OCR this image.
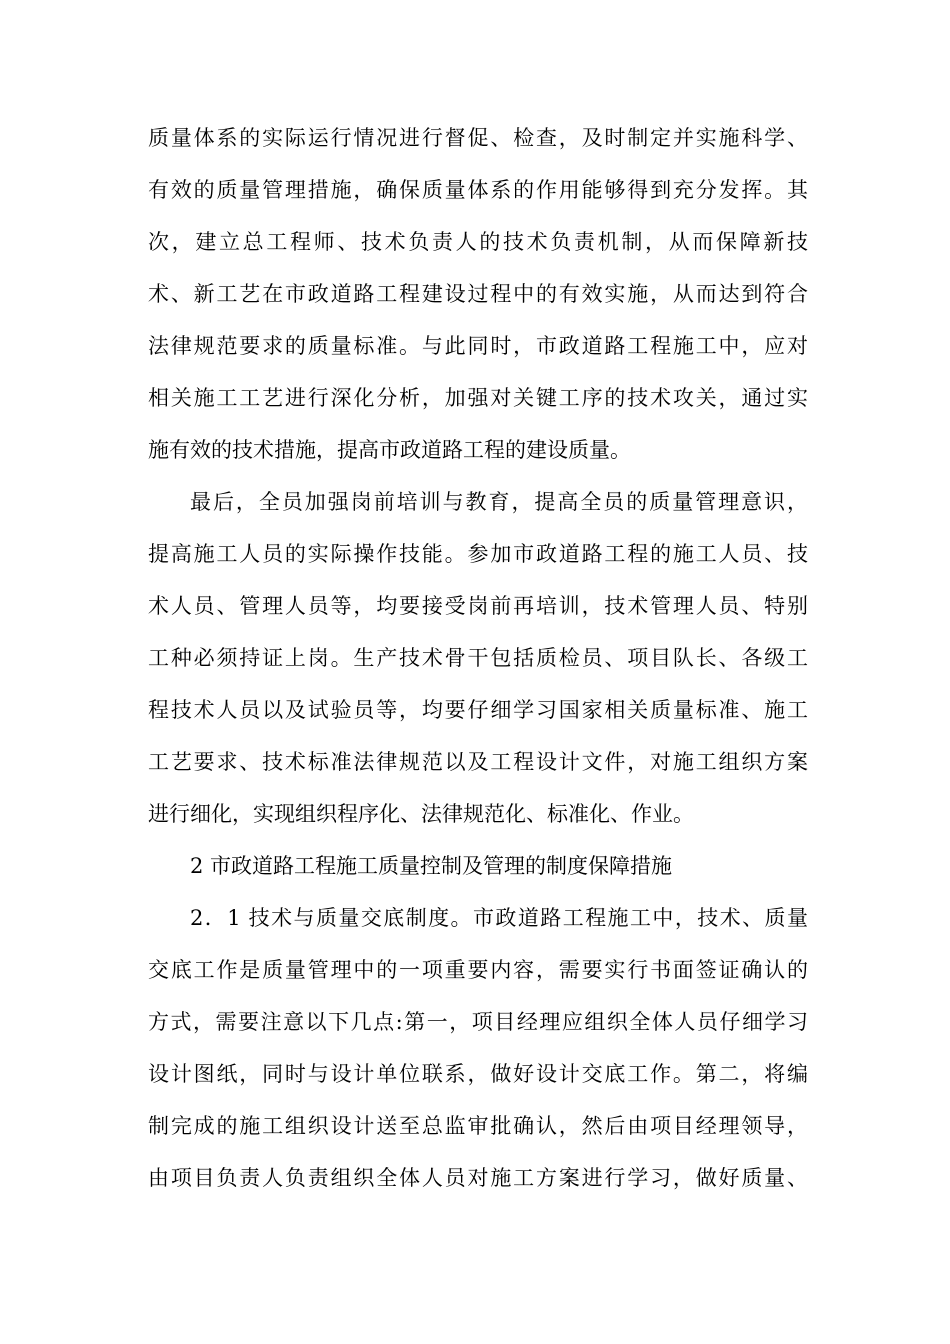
质量体系的实际运行情况进行督促、检查，及时制定并实施科学、
有效的质量管理措施，确保质量体系的作用能够得到充分发挥。其
次，建立总工程师、技术负责人的技术负责机制，从而保障新技
术、新工艺在市政道路工程建设过程中的有效实施，从而达到符合
法律规范要求的质量标准。与此同时，市政道路工程施工中，应对
相关施工工艺进行深化分析，加强对关键工序的技术攻关，通过实
施有效的技术措施，提高市政道路工程的建设质量。
最后，全员加强岗前培训与教育，提高全员的质量管理意识，
提高施工人员的实际操作技能。参加市政道路工程的施工人员、技
术人员、管理人员等，均要接受岗前再培训，技术管理人员、特别
工种必须持证上岗。生产技术骨干包括质检员、项目队长、各级工
程技术人员以及试验员等，均要仔细学习国家相关质量标准、施工
工艺要求、技术标准法律规范以及工程设计文件，对施工组织方案
进行细化，实现组织程序化、法律规范化、标准化、作业。
2 市政道路工程施工质量控制及管理的制度保障措施
2．1 技术与质量交底制度。市政道路工程施工中，技术、质量
交底工作是质量管理中的一项重要内容，需要实行书面签证确认的
方式，需要注意以下几点:第一，项目经理应组织全体人员仔细学习
设计图纸，同时与设计单位联系，做好设计交底工作。第二，将编
制完成的施工组织设计送至总监审批确认，然后由项目经理领导，
由项目负责人负责组织全体人员对施工方案进行学习，做好质量、
